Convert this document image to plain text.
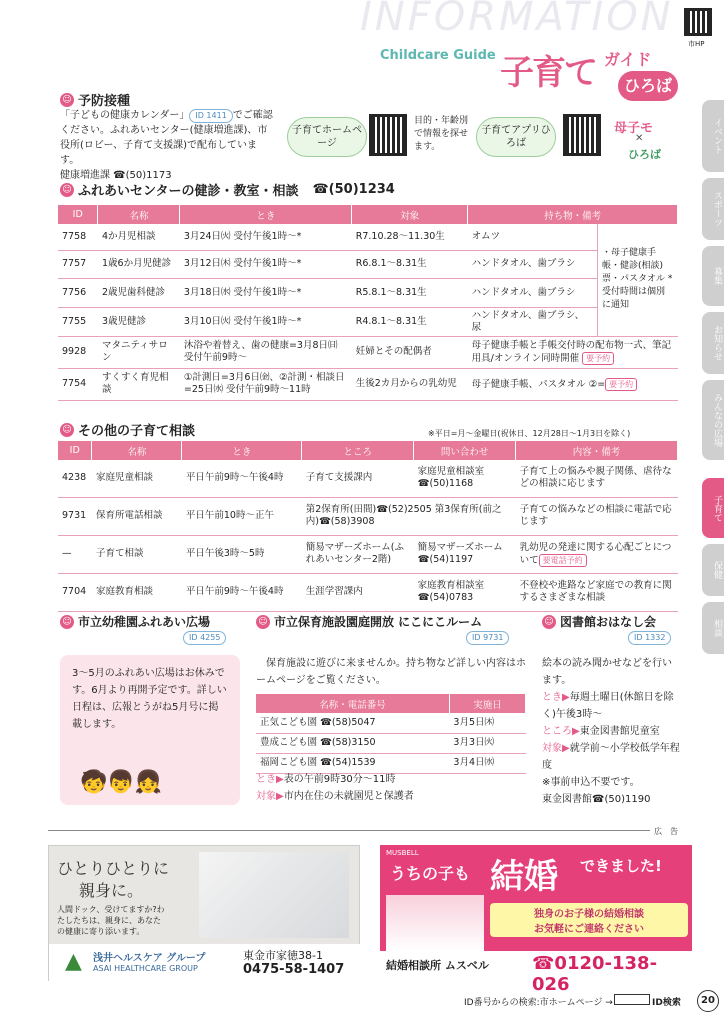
INFORMATION
市HP
Childcare Guide 子育て ガイド
ひろば
☺ 予防接種
「子どもの健康カレンダー」 ID 1411 でご確認ください。ふれあいセンター(健康増進課)、市役所(ロビー、子育て支援課)で配布しています。
健康増進課 ☎(50)1173
子育てホームページ
目的・年齢別で情報を探せます。
子育てアプリひろば
母子モ
✕
ひろば
☺ ふれあいセンターの健診・教室・相談 ☎(50)1234
ID	名称	とき	対象	持ち物・備考	
7758	4か月児相談	3月24日㈫ 受付午後1時～*	R7.10.28～11.30生	オムツ	・母子健康手帳・健診(相談)票・パスタオル *受付時間は個別に通知
7757	1歳6か月児健診	3月12日㈭ 受付午後1時～*	R6.8.1～8.31生	ハンドタオル、歯ブラシ	
7756	2歳児歯科健診	3月18日㈬ 受付午後1時～*	R5.8.1～8.31生	ハンドタオル、歯ブラシ	
7755	3歳児健診	3月10日㈫ 受付午後1時～*	R4.8.1～8.31生	ハンドタオル、歯ブラシ、尿	
9928	マタニティサロン	沐浴や着替え、歯の健康=3月8日㈰ 受付午前9時～	妊婦とその配偶者	母子健康手帳と手帳交付時の配布物一式、筆記用具/オンライン同時開催 要予約	
7754	すくすく育児相談	①計測日=3月6日㈮、②計測・相談日=25日㈬ 受付午前9時～11時	生後2カ月からの乳幼児	母子健康手帳、パスタオル ②= 要予約	
☺ その他の子育て相談	※平日=月～金曜日(祝休日、12月28日～1月3日を除く)
ID	名称	とき	ところ	問い合わせ	内容・備考
4238	家庭児童相談	平日午前9時～午後4時	子育て支援課内	家庭児童相談室 ☎(50)1168	子育て上の悩みや親子関係、虐待などの相談に応じます
9731	保育所電話相談	平日午前10時～正午	第2保育所(田間)☎(52)2505 第3保育所(前之内)☎(58)3908		子育ての悩みなどの相談に電話で応じます
—	子育て相談	平日午後3時～5時	簡易マザーズホーム(ふれあいセンター2階)	簡易マザーズホーム ☎(54)1197	乳幼児の発達に関する心配ごとについて 要電話予約
7704	家庭教育相談	平日午前9時～午後4時	生涯学習課内	家庭教育相談室 ☎(54)0783	不登校や進路など家庭での教育に関するさまざまな相談
☺ 市立幼稚園ふれあい広場
ID 4255
3～5月のふれあい広場はお休みです。6月より再開予定です。詳しい日程は、広報とうがね5月号に掲載します。
🧒👦👧
☺ 市立保育施設園庭開放 にこにこルーム
ID 9731
保育施設に遊びに来ませんか。持ち物など詳しい内容はホームページをご覧ください。
名称・電話番号	実施日
正気こども園 ☎(58)5047	3月5日㈭
豊成こども園 ☎(58)3150	3月3日㈫
福岡こども園 ☎(54)1539	3月4日㈬
とき▶表の午前9時30分～11時
対象▶市内在住の未就園児と保護者
☺ 図書館おはなし会
ID 1332
絵本の読み聞かせなどを行います。
とき▶毎週土曜日(休館日を除く)午後3時～
ところ▶東金図書館児童室
対象▶就学前～小学校低学年程度
※事前申込不要です。
東金図書館☎(50)1190
広　告
ひとりひとりに
親身に。
人間ドック、受けてますか?わたしたちは、親身に、あなたの健康に寄り添います。
▲ 浅井ヘルスケア グループ
ASAI HEALTHCARE GROUP
東金市家徳38-1
0475-58-1407
MUSBELL
うちの子も 結婚 できました!
独身のお子様の結婚相談
お気軽にご連絡ください
結婚相談所 ムスベル ☎0120-138-026
ID番号からの検索:市ホームページ →	ID検索	20
イベント
スポーツ
募集
お知らせ
みんなの広場
子育て
保健
相談
